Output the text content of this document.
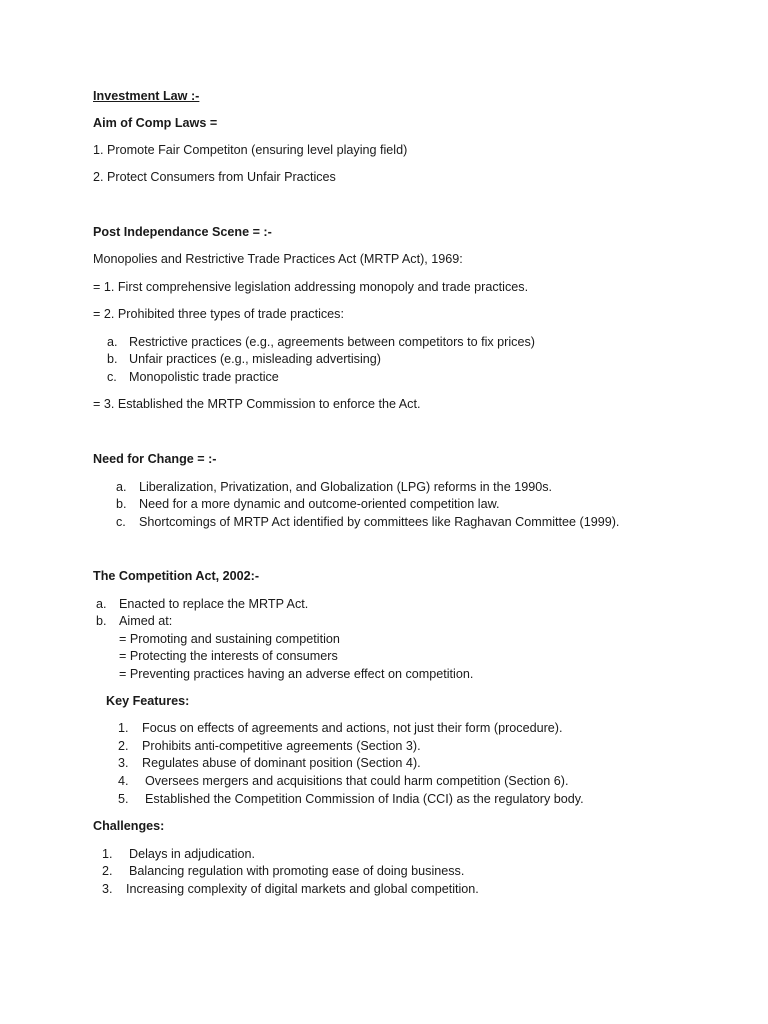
Investment Law :-
Aim of Comp Laws =
1. Promote Fair Competiton (ensuring level playing field)
2. Protect Consumers from Unfair Practices
Post Independance Scene = :-
Monopolies and Restrictive Trade Practices Act (MRTP Act), 1969:
= 1. First comprehensive legislation addressing monopoly and trade practices.
= 2. Prohibited three types of trade practices:
a. Restrictive practices (e.g., agreements between competitors to fix prices)
b. Unfair practices (e.g., misleading advertising)
c. Monopolistic trade practice
= 3. Established the MRTP Commission to enforce the Act.
Need for Change = :-
a. Liberalization, Privatization, and Globalization (LPG) reforms in the 1990s.
b. Need for a more dynamic and outcome-oriented competition law.
c. Shortcomings of MRTP Act identified by committees like Raghavan Committee (1999).
The Competition Act, 2002:-
a. Enacted to replace the MRTP Act.
b. Aimed at:
= Promoting and sustaining competition
= Protecting the interests of consumers
= Preventing practices having an adverse effect on competition.
Key Features:
1. Focus on effects of agreements and actions, not just their form (procedure).
2. Prohibits anti-competitive agreements (Section 3).
3. Regulates abuse of dominant position (Section 4).
4. Oversees mergers and acquisitions that could harm competition (Section 6).
5. Established the Competition Commission of India (CCI) as the regulatory body.
Challenges:
1. Delays in adjudication.
2. Balancing regulation with promoting ease of doing business.
3. Increasing complexity of digital markets and global competition.
